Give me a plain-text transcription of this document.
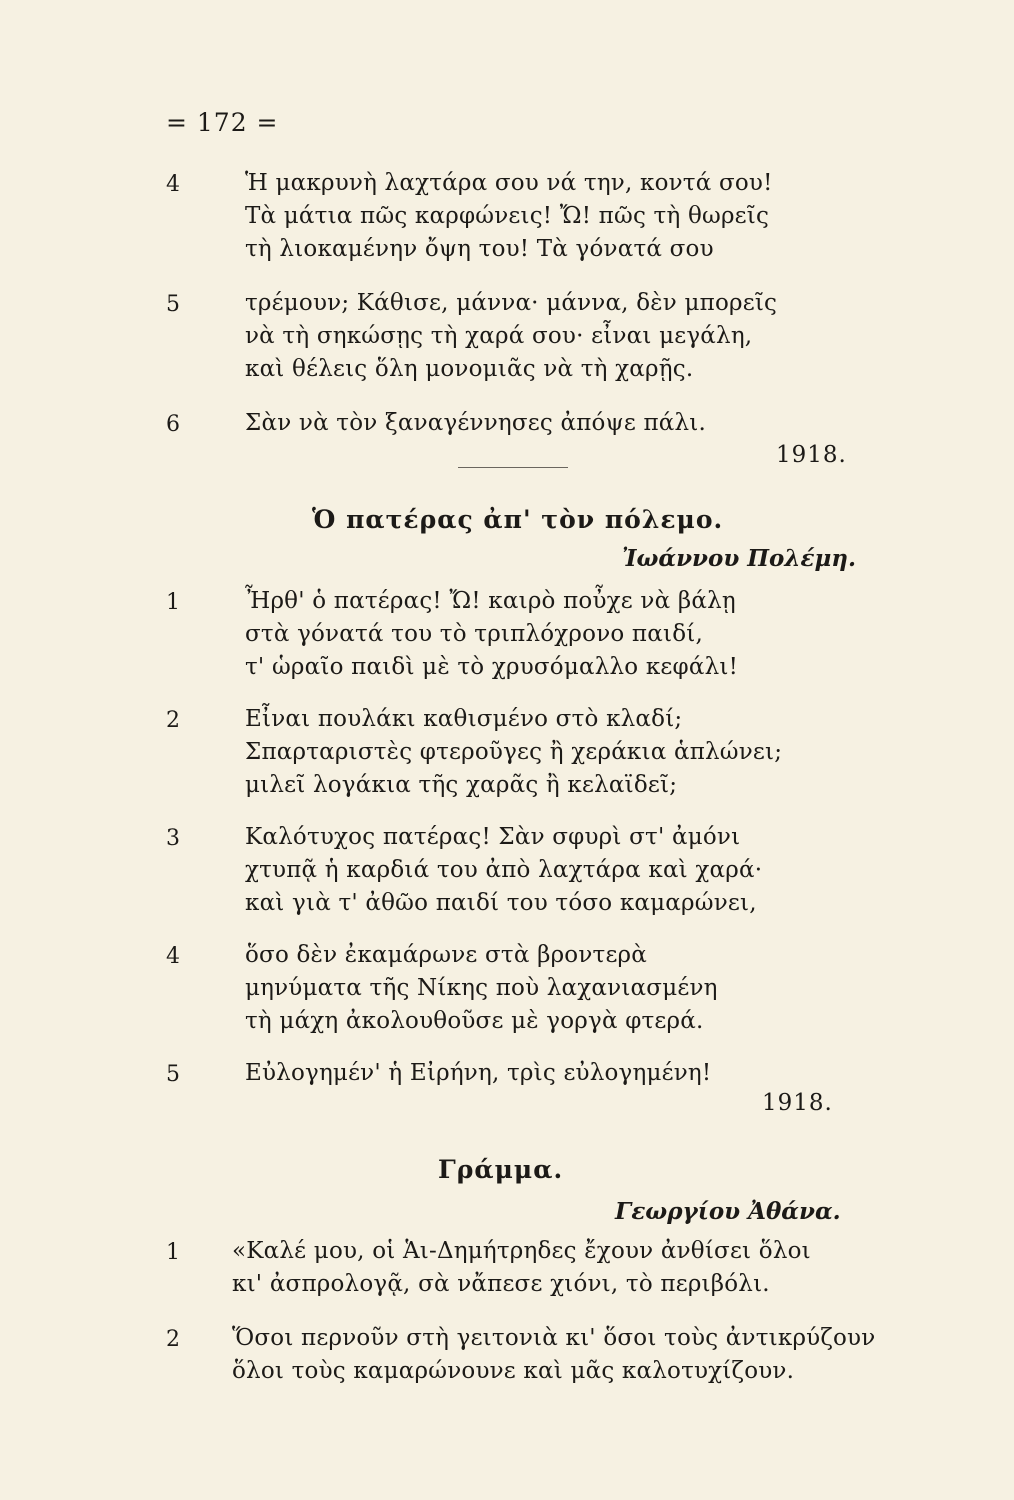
= 172 =
4	Ἡ μακρυνὴ λαχτάρα σου νά την, κοντά σου!
Τὰ μάτια πῶς καρφώνεις! Ὤ! πῶς τὴ θωρεῖς
τὴ λιοκαμένην ὄψη του! Τὰ γόνατά σου
5	τρέμουν; Κάθισε, μάννα· μάννα, δὲν μπορεῖς
νὰ τὴ σηκώσῃς τὴ χαρά σου· εἶναι μεγάλη,
καὶ θέλεις ὅλη μονομιᾶς νὰ τὴ χαρῇς.
6	Σὰν νὰ τὸν ξαναγέννησες ἀπόψε πάλι.
1918.
Ὁ πατέρας ἀπ' τὸν πόλεμο.
Ἰωάννου Πολέμη.
1	Ἦρθ' ὁ πατέρας! Ὤ! καιρὸ ποὖχε νὰ βάλῃ
στὰ γόνατά του τὸ τριπλόχρονο παιδί,
τ' ὡραῖο παιδὶ μὲ τὸ χρυσόμαλλο κεφάλι!
2	Εἶναι πουλάκι καθισμένο στὸ κλαδί;
Σπαρταριστὲς φτεροῦγες ἢ χεράκια ἁπλώνει;
μιλεῖ λογάκια τῆς χαρᾶς ἢ κελαϊδεῖ;
3	Καλότυχος πατέρας! Σὰν σφυρὶ στ' ἀμόνι
χτυπᾷ ἡ καρδιά του ἀπὸ λαχτάρα καὶ χαρά·
καὶ γιὰ τ' ἀθῶο παιδί του τόσο καμαρώνει,
4	ὅσο δὲν ἐκαμάρωνε στὰ βροντερὰ
μηνύματα τῆς Νίκης ποὺ λαχανιασμένη
τὴ μάχη ἀκολουθοῦσε μὲ γοργὰ φτερά.
5	Εὐλογημέν' ἡ Εἰρήνη, τρὶς εὐλογημένη!
1918.
Γράμμα.
Γεωργίου Ἀθάνα.
1 «Καλέ μου, οἱ Ἁι-Δημήτρηδες ἔχουν ἀνθίσει ὅλοι
κι' ἀσπρολογᾷ, σὰ νἄπεσε χιόνι, τὸ περιβόλι.
2 Ὅσοι περνοῦν στὴ γειτονιὰ κι' ὅσοι τοὺς ἀντικρύζουν
ὅλοι τοὺς καμαρώνουνε καὶ μᾶς καλοτυχίζουν.
